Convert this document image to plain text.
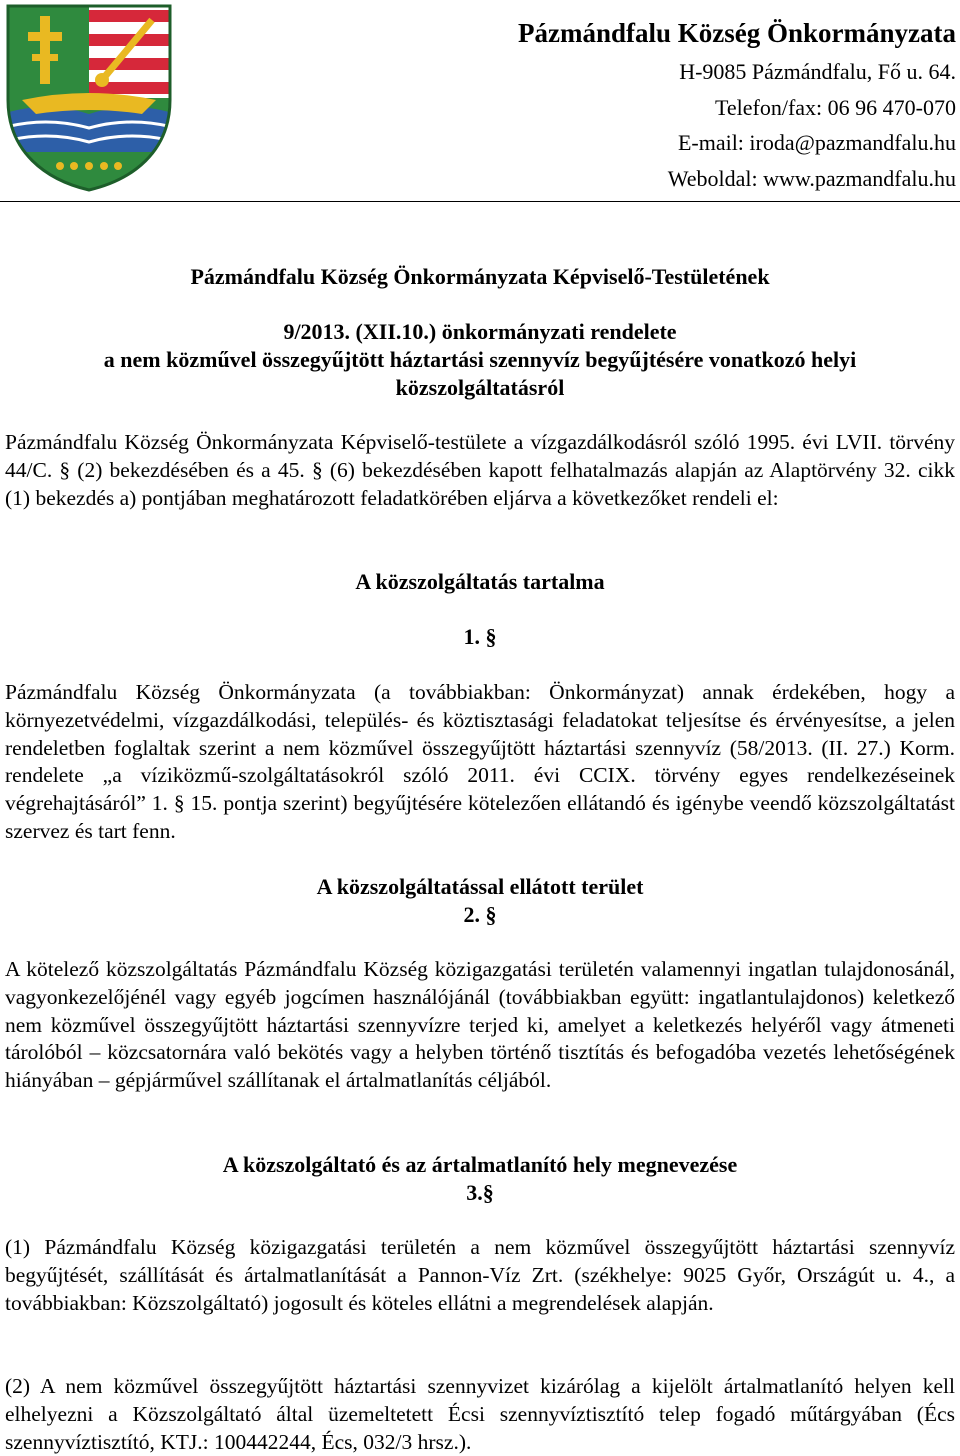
Pázmándfalu Község Önkormányzata
H-9085 Pázmándfalu, Fő u. 64.
Telefon/fax: 06 96 470-070
E-mail: iroda@pazmandfalu.hu
Weboldal: www.pazmandfalu.hu
Pázmándfalu Község Önkormányzata Képviselő-Testületének
9/2013. (XII.10.) önkormányzati rendelete
a nem közművel összegyűjtött háztartási szennyvíz begyűjtésére vonatkozó helyi
közszolgáltatásról
Pázmándfalu Község Önkormányzata Képviselő-testülete a vízgazdálkodásról szóló 1995. évi LVII. törvény 44/C. § (2) bekezdésében és a 45. § (6) bekezdésében kapott felhatalmazás alapján az Alaptörvény 32. cikk (1) bekezdés a) pontjában meghatározott feladatkörében eljárva a következőket rendeli el:
A közszolgáltatás tartalma
1. §
Pázmándfalu Község Önkormányzata (a továbbiakban: Önkormányzat) annak érdekében, hogy a környezetvédelmi, vízgazdálkodási, település- és köztisztasági feladatokat teljesítse és érvényesítse, a jelen rendeletben foglaltak szerint a nem közművel összegyűjtött háztartási szennyvíz (58/2013. (II. 27.) Korm. rendelete „a víziközmű-szolgáltatásokról szóló 2011. évi CCIX. törvény egyes rendelkezéseinek végrehajtásáról” 1. § 15. pontja szerint) begyűjtésére kötelezően ellátandó és igénybe veendő közszolgáltatást szervez és tart fenn.
A közszolgáltatással ellátott terület
2. §
A kötelező közszolgáltatás Pázmándfalu Község közigazgatási területén valamennyi ingatlan tulajdonosánál, vagyonkezelőjénél vagy egyéb jogcímen használójánál (továbbiakban együtt: ingatlantulajdonos) keletkező nem közművel összegyűjtött háztartási szennyvízre terjed ki, amelyet a keletkezés helyéről vagy átmeneti tárolóból – közcsatornára való bekötés vagy a helyben történő tisztítás és befogadóba vezetés lehetőségének hiányában – gépjárművel szállítanak el ártalmatlanítás céljából.
A közszolgáltató és az ártalmatlanító hely megnevezése
3.§
(1) Pázmándfalu Község közigazgatási területén a nem közművel összegyűjtött háztartási szennyvíz begyűjtését, szállítását és ártalmatlanítását a Pannon-Víz Zrt. (székhelye: 9025 Győr, Országút u. 4., a továbbiakban: Közszolgáltató) jogosult és köteles ellátni a megrendelések alapján.
(2) A nem közművel összegyűjtött háztartási szennyvizet kizárólag a kijelölt ártalmatlanító helyen kell elhelyezni a Közszolgáltató által üzemeltetett Écsi szennyvíztisztító telep fogadó műtárgyában (Écs szennyvíztisztító, KTJ.: 100442244, Écs, 032/3 hrsz.).
